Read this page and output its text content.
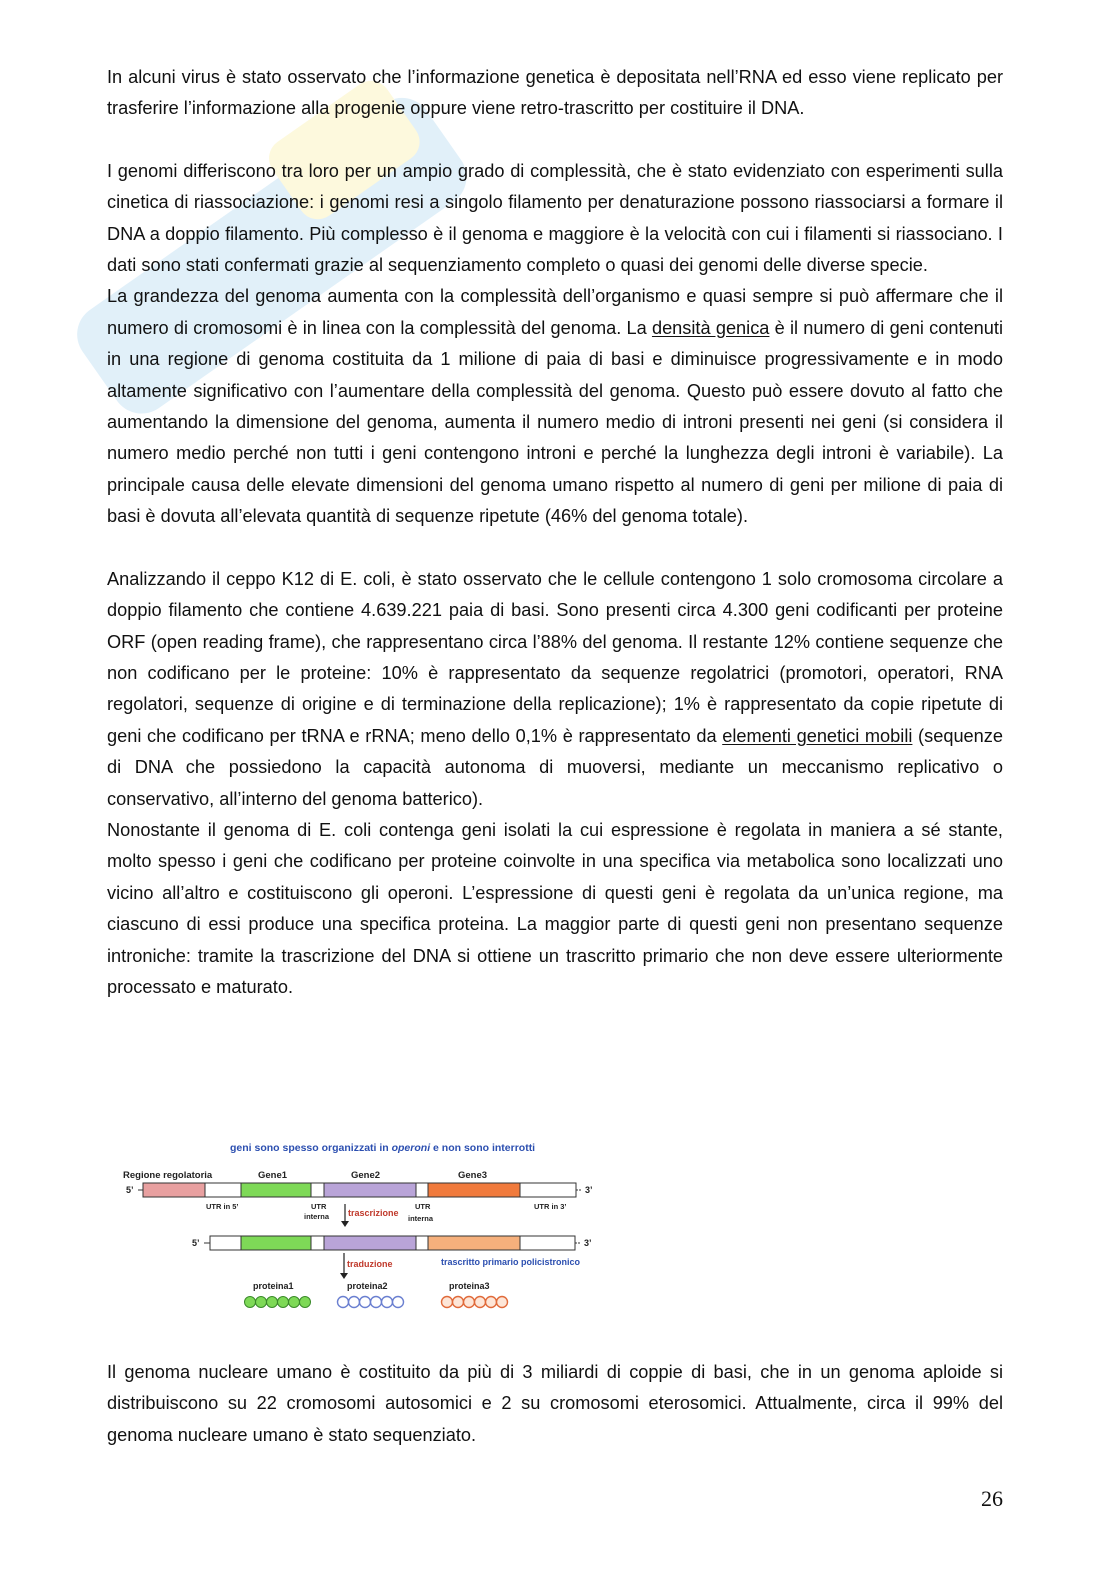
In alcuni virus è stato osservato che l’informazione genetica è depositata nell’RNA ed esso viene replicato per trasferire l’informazione alla progenie oppure viene retro-trascritto per costituire il DNA.

I genomi differiscono tra loro per un ampio grado di complessità, che è stato evidenziato con esperimenti sulla cinetica di riassociazione: i genomi resi a singolo filamento per denaturazione possono riassociarsi a formare il DNA a doppio filamento. Più complesso è il genoma e maggiore è la velocità con cui i filamenti si riassociano. I dati sono stati confermati grazie al sequenziamento completo o quasi dei genomi delle diverse specie.

La grandezza del genoma aumenta con la complessità dell’organismo e quasi sempre si può affermare che il numero di cromosomi è in linea con la complessità del genoma. La densità genica è il numero di geni contenuti in una regione di genoma costituita da 1 milione di paia di basi e diminuisce progressivamente e in modo altamente significativo con l’aumentare della complessità del genoma. Questo può essere dovuto al fatto che aumentando la dimensione del genoma, aumenta il numero medio di introni presenti nei geni (si considera il numero medio perché non tutti i geni contengono introni e perché la lunghezza degli introni è variabile). La principale causa delle elevate dimensioni del genoma umano rispetto al numero di geni per milione di paia di basi è dovuta all’elevata quantità di sequenze ripetute (46% del genoma totale).

Analizzando il ceppo K12 di E. coli, è stato osservato che le cellule contengono 1 solo cromosoma circolare a doppio filamento che contiene 4.639.221 paia di basi. Sono presenti circa 4.300 geni codificanti per proteine ORF (open reading frame), che rappresentano circa l’88% del genoma. Il restante 12% contiene sequenze che non codificano per le proteine: 10% è rappresentato da sequenze regolatrici (promotori, operatori, RNA regolatori, sequenze di origine e di terminazione della replicazione); 1% è rappresentato da copie ripetute di geni che codificano per tRNA e rRNA; meno dello 0,1% è rappresentato da elementi genetici mobili (sequenze di DNA che possiedono la capacità autonoma di muoversi, mediante un meccanismo replicativo o conservativo, all’interno del genoma batterico).

Nonostante il genoma di E. coli contenga geni isolati la cui espressione è regolata in maniera a sé stante, molto spesso i geni che codificano per proteine coinvolte in una specifica via metabolica sono localizzati uno vicino all’altro e costituiscono gli operoni. L’espressione di questi geni è regolata da un’unica regione, ma ciascuno di essi produce una specifica proteina. La maggior parte di questi geni non presentano sequenze introniche: tramite la trascrizione del DNA si ottiene un trascritto primario che non deve essere ulteriormente processato e maturato.

geni sono spesso organizzati in operoni e non sono interrotti
Regione regolatoria	Gene1	Gene2	Gene3
5’	3’
UTR in 5’	UTR
interna
UTR
interna
UTR in 3’
trascrizione
5’	3’
traduzione	trascritto primario policistronico
proteina1	proteina2	proteina3

Il genoma nucleare umano è costituito da più di 3 miliardi di coppie di basi, che in un genoma aploide si distribuiscono su 22 cromosomi autosomici e 2 su cromosomi eterosomici. Attualmente, circa il 99% del genoma nucleare umano è stato sequenziato.

26
